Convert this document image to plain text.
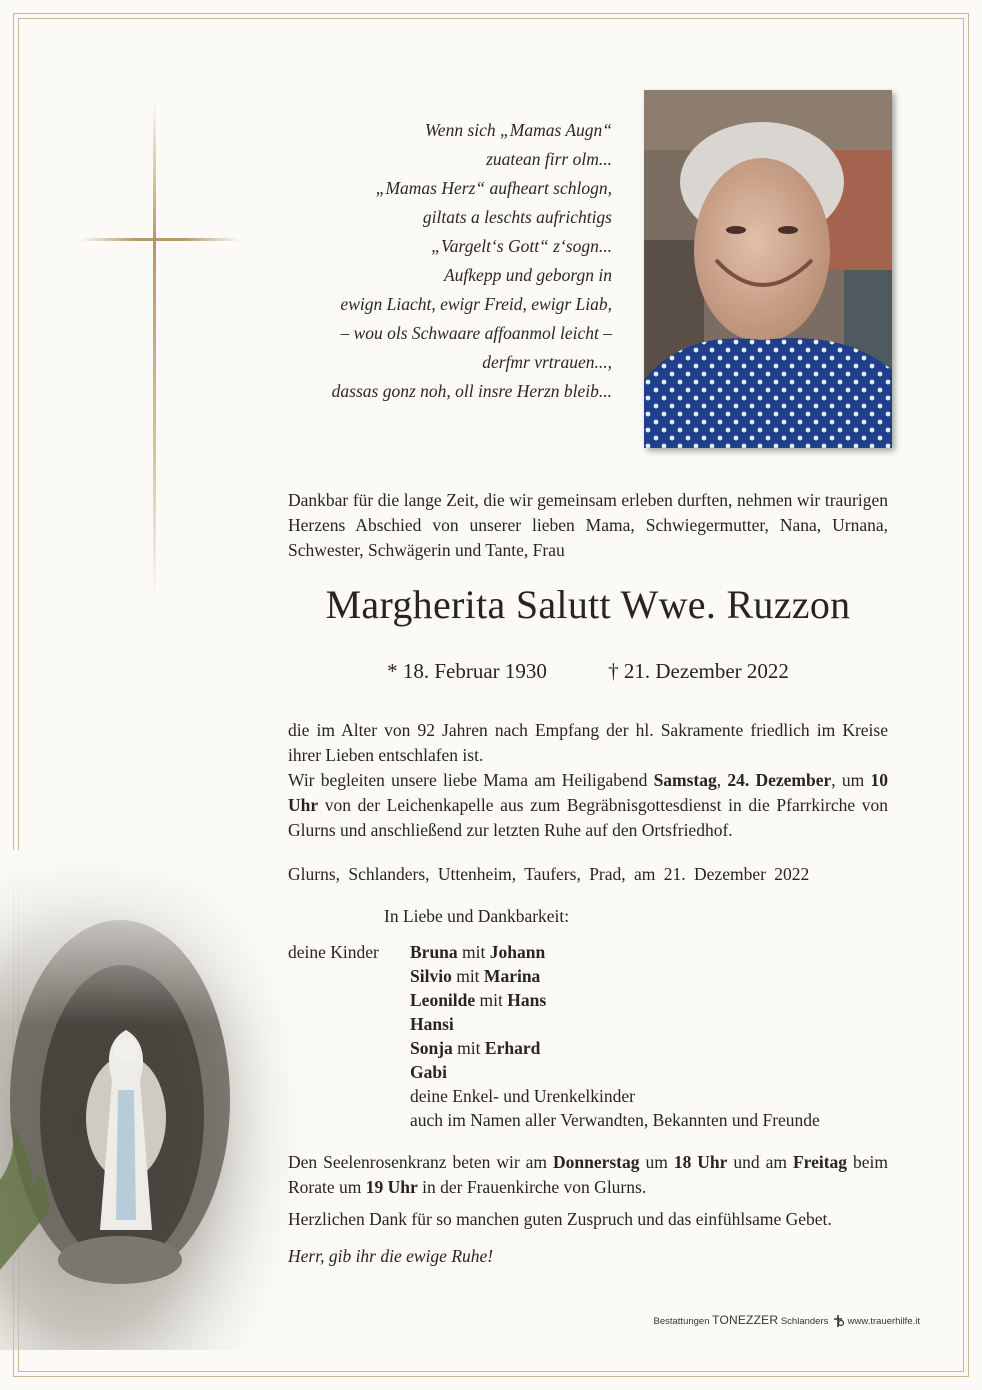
Wenn sich „Mamas Augn“
zuatean firr olm...
„Mamas Herz“ aufheart schlogn,
giltats a leschts aufrichtigs
„Vargelt‘s Gott“ z‘sogn...
Aufkepp und geborgn in
ewign Liacht, ewigr Freid, ewigr Liab,
– wou ols Schwaare affoanmol leicht –
derfmr vrtrauen...,
dassas gonz noh, oll insre Herzn bleib...
Dankbar für die lange Zeit, die wir gemeinsam erleben durften, nehmen wir traurigen Herzens Abschied von unserer lieben Mama, Schwiegermutter, Nana, Urnana, Schwester, Schwägerin und Tante, Frau
Margherita Salutt Wwe. Ruzzon
* 18. Februar 1930	† 21. Dezember 2022
die im Alter von 92 Jahren nach Empfang der hl. Sakramente friedlich im Kreise ihrer Lieben entschlafen ist.
Wir begleiten unsere liebe Mama am Heiligabend Samstag, 24. Dezember, um 10 Uhr von der Leichenkapelle aus zum Begräbnisgottesdienst in die Pfarrkirche von Glurns und anschließend zur letzten Ruhe auf den Ortsfriedhof.
Glurns, Schlanders, Uttenheim, Taufers, Prad, am 21. Dezember 2022
In Liebe und Dankbarkeit:
deine Kinder Bruna mit Johann
Silvio mit Marina
Leonilde mit Hans
Hansi
Sonja mit Erhard
Gabi
deine Enkel- und Urenkelkinder
auch im Namen aller Verwandten, Bekannten und Freunde
Den Seelenrosenkranz beten wir am Donnerstag um 18 Uhr und am Freitag beim Rorate um 19 Uhr in der Frauenkirche von Glurns.
Herzlichen Dank für so manchen guten Zuspruch und das einfühlsame Gebet.
Herr, gib ihr die ewige Ruhe!
Bestattungen TONEZZER Schlanders www.trauerhilfe.it
